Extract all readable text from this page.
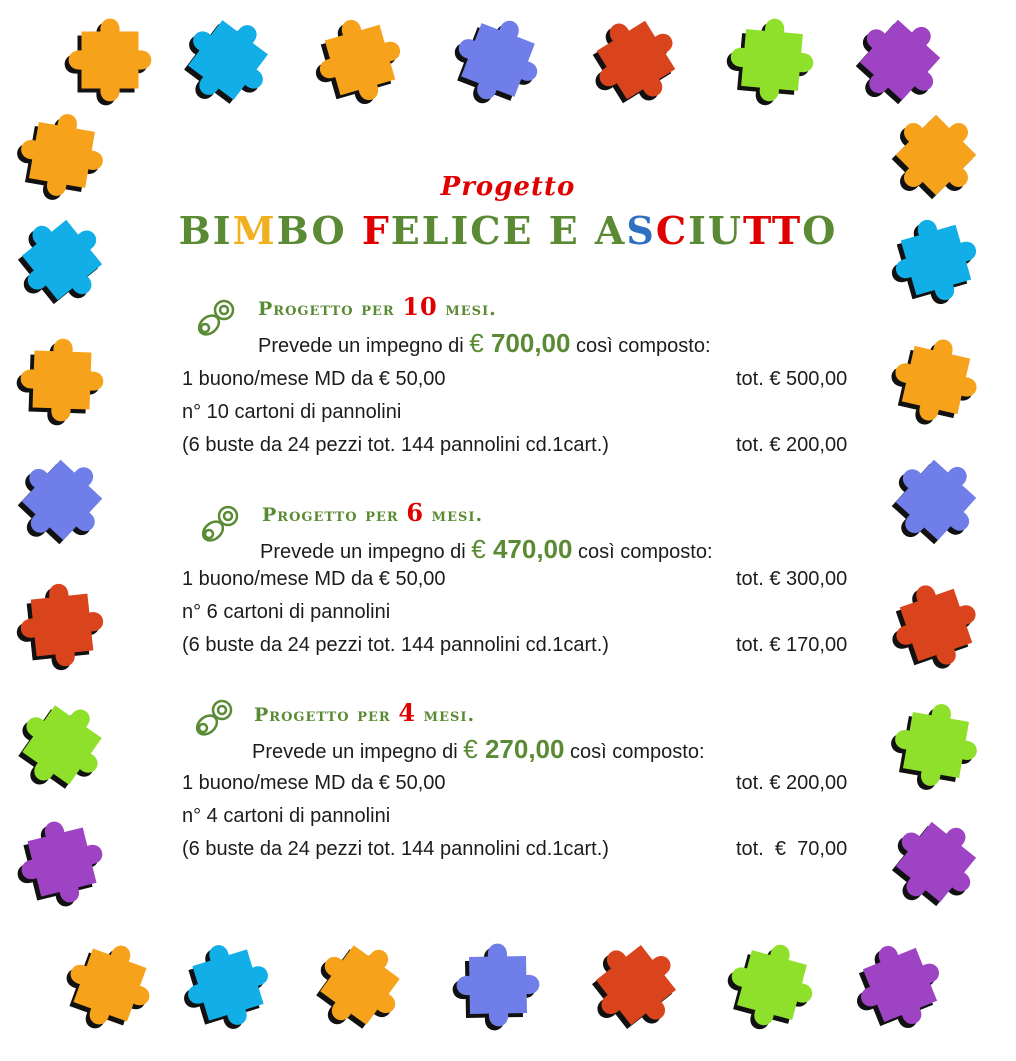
Progetto
BIMBO FELICE E ASCIUTTO
Progetto per 10 mesi.
Prevede un impegno di € 700,00 così composto:
1 buono/mese MD da € 50,00	tot. € 500,00
n° 10 cartoni di pannolini
(6 buste da 24 pezzi tot. 144 pannolini cd.1cart.)	tot. € 200,00
Progetto per 6 mesi.
Prevede un impegno di € 470,00 così composto:
1 buono/mese MD da € 50,00	tot. € 300,00
n° 6 cartoni di pannolini
(6 buste da 24 pezzi tot. 144 pannolini cd.1cart.)	tot. € 170,00
Progetto per 4 mesi.
Prevede un impegno di € 270,00 così composto:
1 buono/mese MD da € 50,00	tot. € 200,00
n° 4 cartoni di pannolini
(6 buste da 24 pezzi tot. 144 pannolini cd.1cart.)	tot.  €  70,00
